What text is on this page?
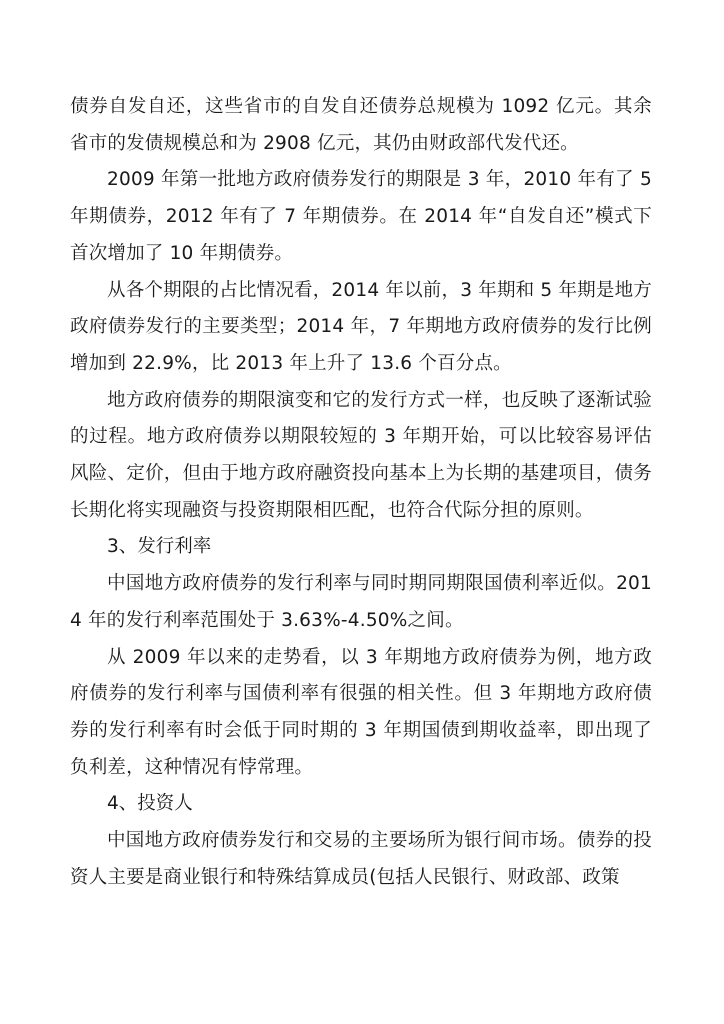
债券自发自还，这些省市的自发自还债券总规模为 1092 亿元。其余省市的发债规模总和为 2908 亿元，其仍由财政部代发代还。

2009 年第一批地方政府债券发行的期限是 3 年，2010 年有了 5 年期债券，2012 年有了 7 年期债券。在 2014 年“自发自还”模式下首次增加了 10 年期债券。

从各个期限的占比情况看，2014 年以前，3 年期和 5 年期是地方政府债券发行的主要类型；2014 年，7 年期地方政府债券的发行比例增加到 22.9%，比 2013 年上升了 13.6 个百分点。

地方政府债券的期限演变和它的发行方式一样，也反映了逐渐试验的过程。地方政府债券以期限较短的 3 年期开始，可以比较容易评估风险、定价，但由于地方政府融资投向基本上为长期的基建项目，债务长期化将实现融资与投资期限相匹配，也符合代际分担的原则。

3、发行利率

中国地方政府债券的发行利率与同时期同期限国债利率近似。2014 年的发行利率范围处于 3.63%-4.50%之间。

从 2009 年以来的走势看，以 3 年期地方政府债券为例，地方政府债券的发行利率与国债利率有很强的相关性。但 3 年期地方政府债券的发行利率有时会低于同时期的 3 年期国债到期收益率，即出现了负利差，这种情况有悖常理。

4、投资人

中国地方政府债券发行和交易的主要场所为银行间市场。债券的投资人主要是商业银行和特殊结算成员(包括人民银行、财政部、政策
